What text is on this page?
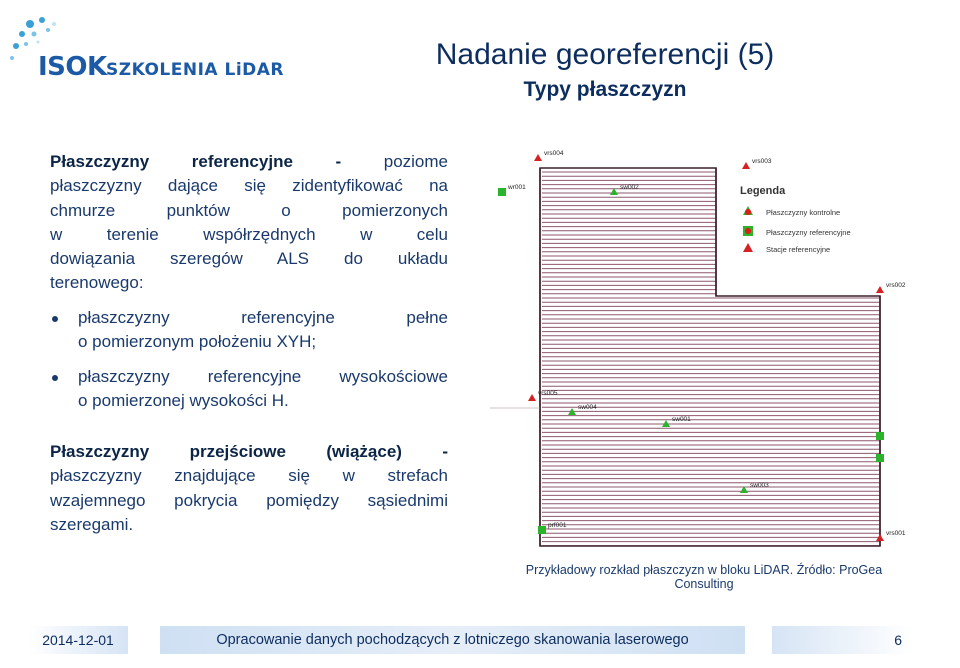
ISOK SZKOLENIA LiDAR	Nadanie georeferencji (5)
Typy płaszczyzn
Płaszczyzny referencyjne - poziome
płaszczyzny dające się zidentyfikować na
chmurze punktów o pomierzonych
w terenie współrzędnych w celu
dowiązania szeregów ALS do układu
terenowego:
płaszczyzny referencyjne pełne
o pomierzonym położeniu XYH;
płaszczyzny referencyjne wysokościowe
o pomierzonej wysokości H.
Płaszczyzny przejściowe (wiążące) -
płaszczyzny znajdujące się w strefach
wzajemnego pokrycia pomiędzy sąsiednimi
szeregami.
Legenda
Płaszczyzny kontrolne
Płaszczyzny referencyjne
Stacje referencyjne
vrs004
vrs003
wr001	sw002
vrs002
vrs005
sw004
sw001
sw003
vrs001
prf001
Przykładowy rozkład płaszczyzn w bloku LiDAR. Źródło: ProGea Consulting
2014-12-01	Opracowanie danych pochodzących z lotniczego skanowania laserowego	6
